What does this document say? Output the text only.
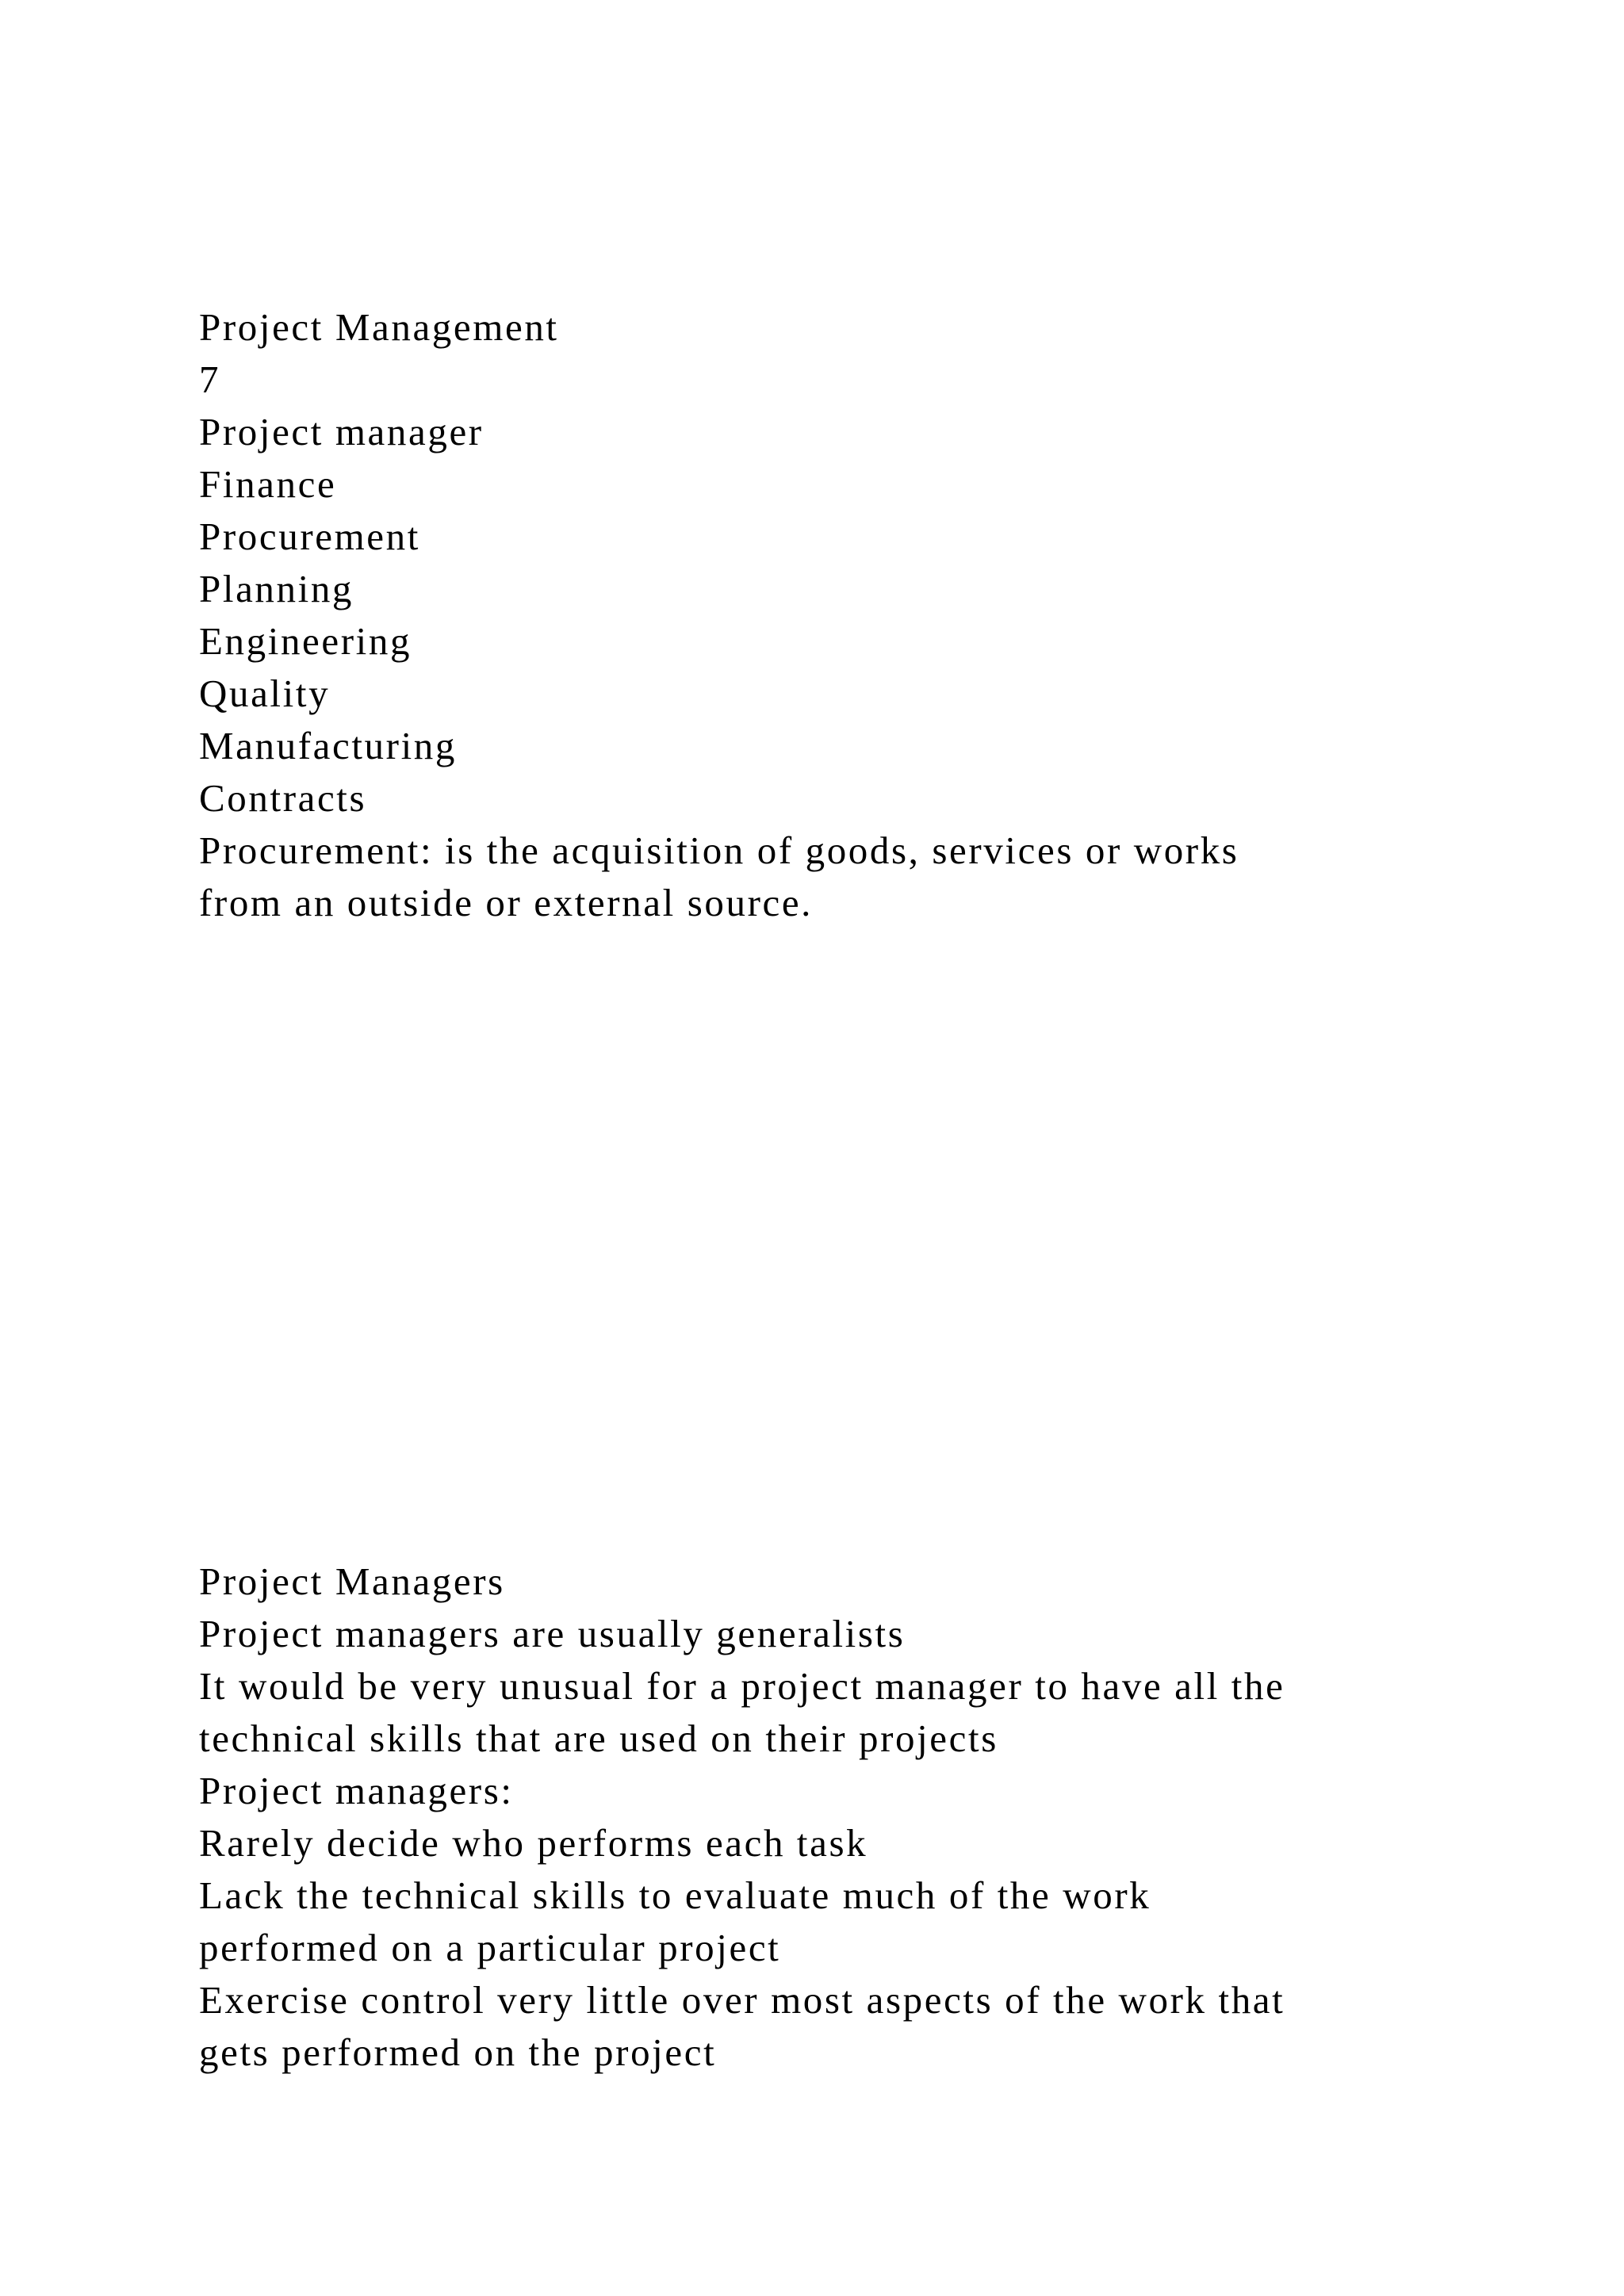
Project Management
7
Project manager
Finance
Procurement
Planning
Engineering
Quality
Manufacturing
Contracts
Procurement: is the acquisition of goods, services or works
from an outside or external source.
Project Managers
Project managers are usually generalists
It would be very unusual for a project manager to have all the
technical skills that are used on their projects
Project managers:
Rarely decide who performs each task
Lack the technical skills to evaluate much of the work
performed on a particular project
Exercise control very little over most aspects of the work that
gets performed on the project
